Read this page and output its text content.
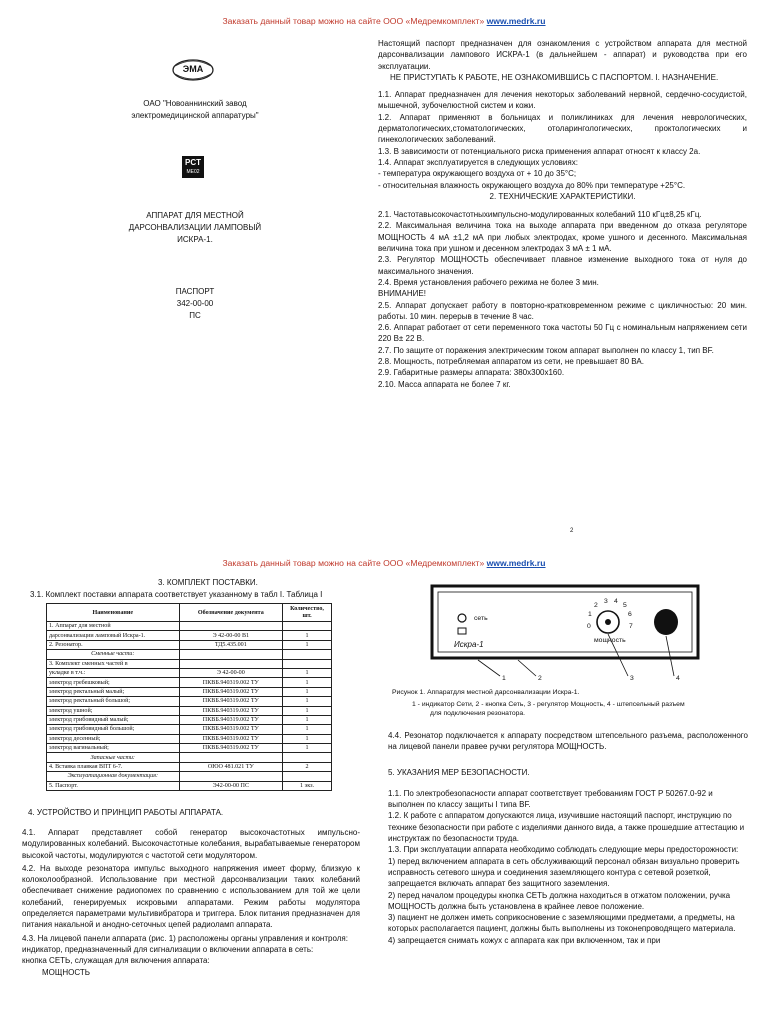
Заказать данный товар можно на сайте ООО «Медремкомплект» www.medrk.ru
ЭМА
ОАО "Новоаннинский завод
электромедицинской аппаратуры"
PCT
МЕ02
АППАРАТ ДЛЯ МЕСТНОЙ
ДАРСОНВАЛИЗАЦИИ ЛАМПОВЫЙ
ИСКРА-1.
ПАСПОРТ
342-00-00
ПС

Настоящий паспорт предназначен для ознакомления с устройством аппарата для местной дарсонвализации лампового ИСКРА-1 (в дальнейшем - аппарат) и руководства при его эксплуатации.

НЕ ПРИСТУПАТЬ К РАБОТЕ, НЕ ОЗНАКОМИВШИСЬ С ПАСПОРТОМ. I. НАЗНАЧЕНИЕ.

1.1. Аппарат предназначен для лечения некоторых заболеваний нервной, сердечно-сосудистой, мышечной, зубочелюстной систем и кожи.

1.2. Аппарат применяют в больницах и поликлиниках для лечения неврологических, дерматологических,стоматологических, отоларингологических, проктологических и гинекологических заболеваний.

1.3. В зависимости от потенциального риска применения аппарат относят к классу 2а.

1.4. Аппарат эксплуатируется в следующих условиях:

- температура окружающего воздуха от + 10 до 35°С;

- относительная влажность окружающего воздуха до 80% при температуре +25°С.

2. ТЕХНИЧЕСКИЕ ХАРАКТЕРИСТИКИ.

2.1. Частотавысокочастотныхимпульсно-модулированных колебаний 110 кГц±8,25 кГц.

2.2. Максимальная величина тока на выходе аппарата при введенном до отказа регуляторе МОЩНОСТЬ 4 мА ±1,2 мА при любых электродах, кроме ушного и десенного. Максимальная величина тока при ушном и десенном электродах 3 мА ± 1 мА.

2.3. Регулятор МОЩНОСТЬ обеспечивает плавное изменение выходного тока от нуля до максимального значения.

2.4. Время установления рабочего режима не более 3 мин.

ВНИМАНИЕ!

2.5. Аппарат допускает работу в повторно-кратковременном режиме с цикличностью: 20 мин. работы. 10 мин. перерыв в течение 8 час.

2.6. Аппарат работает от сети переменного тока частоты 50 Гц с номинальным напряжением сети 220 В± 22 В.

2.7. По защите от поражения электрическим током аппарат выполнен по классу 1, тип BF.

2.8. Мощность, потребляемая аппаратом из сети, не превышает 80 ВА.

2.9. Габаритные размеры аппарата: 380х300х160.

2.10. Масса аппарата не более 7 кг.

2
Заказать данный товар можно на сайте ООО «Медремкомплект» www.medrk.ru
3. КОМПЛЕКТ ПОСТАВКИ.
3.1. Комплект поставки аппарата соответствует указанному в табл I. Таблица I
Наименование	Обозначение документа	Количество, шт.
1. Аппарат для местной		
дарсонвализации ламповый Искра-1.	Э 42-00-00 В1	1
2. Резонатор.	ТД5.435.001	1
Сменные части:		
3. Комплект сменных частей в		
укладке в т.ч.:	Э 42-00-00	1
электрод гребешковый;	ПКВБ.940319.002 ТУ	1
электрод ректальный малый;	ПКВБ.940319.002 ТУ	1
электрод ректальный большой;	ПКВБ.940319.002 ТУ	1
электрод ушной;	ПКВБ.940319.002 ТУ	1
электрод грибовидный малый;	ПКВБ.940319.002 ТУ	1
электрод грибовидный большой;	ПКВБ.940319.002 ТУ	1
электрод десенный;	ПКВБ.940319.002 ТУ	1
электрод вагинальный;	ПКВБ.940319.002 ТУ	1
Запасные части:		
4. Вставка плавкая ВПТ 6-7.	ОЮО 481.021 ТУ	2
Эксплуатационная документация:		
5. Паспорт.	Э42-00-00 ПС	1 экз.
4. УСТРОЙСТВО И ПРИНЦИП РАБОТЫ АППАРАТА.

4.1. Аппарат представляет собой генератор высокочастотных импульсно-модулированных колебаний. Высокочастотные колебания, вырабатываемые генератором высокой частоты, модулируются с частотой сети модулятором.

4.2. На выходе резонатора импульс выходного напряжения имеет форму, близкую к колоколообразной. Использование при местной дарсонвализации таких колебаний обеспечивает снижение радиопомех по сравнению с использованием для той же цели колебаний, генерируемых искровыми аппаратами. Режим работы модулятора определяется параметрами мультивибратора и триггера. Блок питания предназначен для питания накальной и анодно-сеточных цепей радиоламп аппарата.

4.3. На лицевой панели аппарата (рис. 1) расположены органы управления и контроля:

индикатор, предназначенный для сигнализации о включении аппарата в сеть:

кнопка СЕТЬ, служащая для включения аппарата:

МОЩНОСТЬ

сеть
мощность
Искра-1
0
1
2
3 4
5
6
7
1	2	3	4
Рисунок 1. Аппаратдля местной дарсонвализации Искра-1.
1 - индикатор Сети, 2 - кнопка Сеть, 3 - регулятор Мощность, 4 - штепсельный разъем
для подключения резонатора.

4.4. Резонатор подключается к аппарату посредством штепсельного разъема, расположенного на лицевой панели правее ручки регулятора МОЩНОСТЬ.

5. УКАЗАНИЯ МЕР БЕЗОПАСНОСТИ.

1.1. По электробезопасности аппарат соответствует требованиям ГОСТ Р 50267.0-92 и выполнен по классу защиты I типа BF.

1.2. К работе с аппаратом допускаются лица, изучившие настоящий паспорт, инструкцию по технике безопасности при работе с изделиями данного вида, а также прошедшие аттестацию и инструктаж по безопасности труда.

1.3. При эксплуатации аппарата необходимо соблюдать следующие меры предосторожности:

1) перед включением аппарата в сеть обслуживающий персонал обязан визуально проверить исправность сетевого шнура и соединения заземляющего контура с сетевой розеткой, запрещается включать аппарат без защитного заземления.

2) перед началом процедуры кнопка СЕТЬ должна находиться в отжатом положении, ручка МОЩНОСТЬ должна быть установлена в крайнее левое положение.

3) пациент не должен иметь соприкосновение с заземляющими предметами, а предметы, на которых располагается пациент, должны быть выполнены из токонепроводящего материала.

4) запрещается снимать кожух с аппарата как при включенном, так и при
